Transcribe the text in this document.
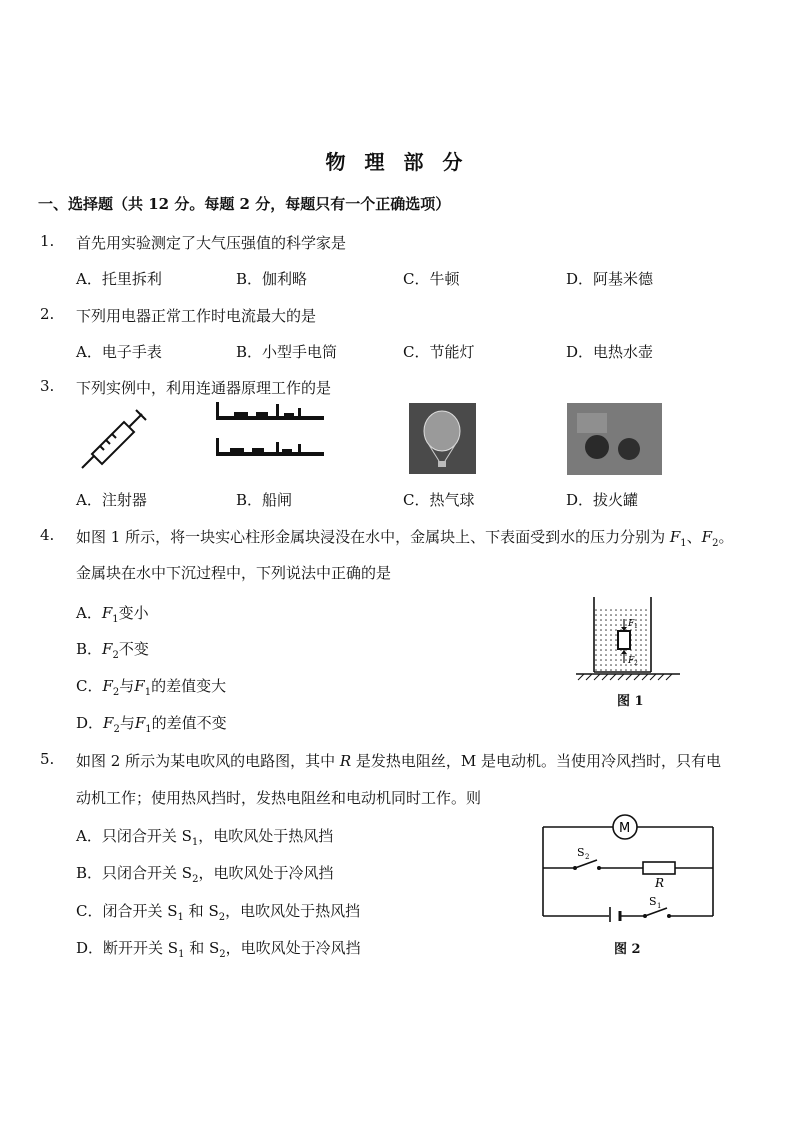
物 理 部 分
一、选择题（共 12 分。每题 2 分，每题只有一个正确选项）
1. 首先用实验测定了大气压强值的科学家是
A．托里拆利	B．伽利略	C．牛顿	D．阿基米德
2. 下列用电器正常工作时电流最大的是
A．电子手表	B．小型手电筒	C．节能灯	D．电热水壶
3. 下列实例中，利用连通器原理工作的是
A．注射器	B．船闸	C．热气球	D．拔火罐
4. 如图 1 所示，将一块实心柱形金属块浸没在水中，金属块上、下表面受到水的压力分别为 $F_1$、$F_2$。
金属块在水中下沉过程中，下列说法中正确的是
A．$F_1$变小
B．$F_2$不变
C．$F_2$与$F_1$的差值变大
D．$F_2$与$F_1$的差值不变
F 1
F 2
图 1
5. 如图 2 所示为某电吹风的电路图，其中 R 是发热电阻丝，M 是电动机。当使用冷风挡时，只有电
动机工作；使用热风挡时，发热电阻丝和电动机同时工作。则
A．只闭合开关 $S_1$，电吹风处于热风挡
B．只闭合开关 $S_2$，电吹风处于冷风挡
C．闭合开关 $S_1$ 和 $S_2$，电吹风处于热风挡
D．断开开关 $S_1$ 和 $S_2$，电吹风处于冷风挡
M
S 2
R
S 1
图 2
